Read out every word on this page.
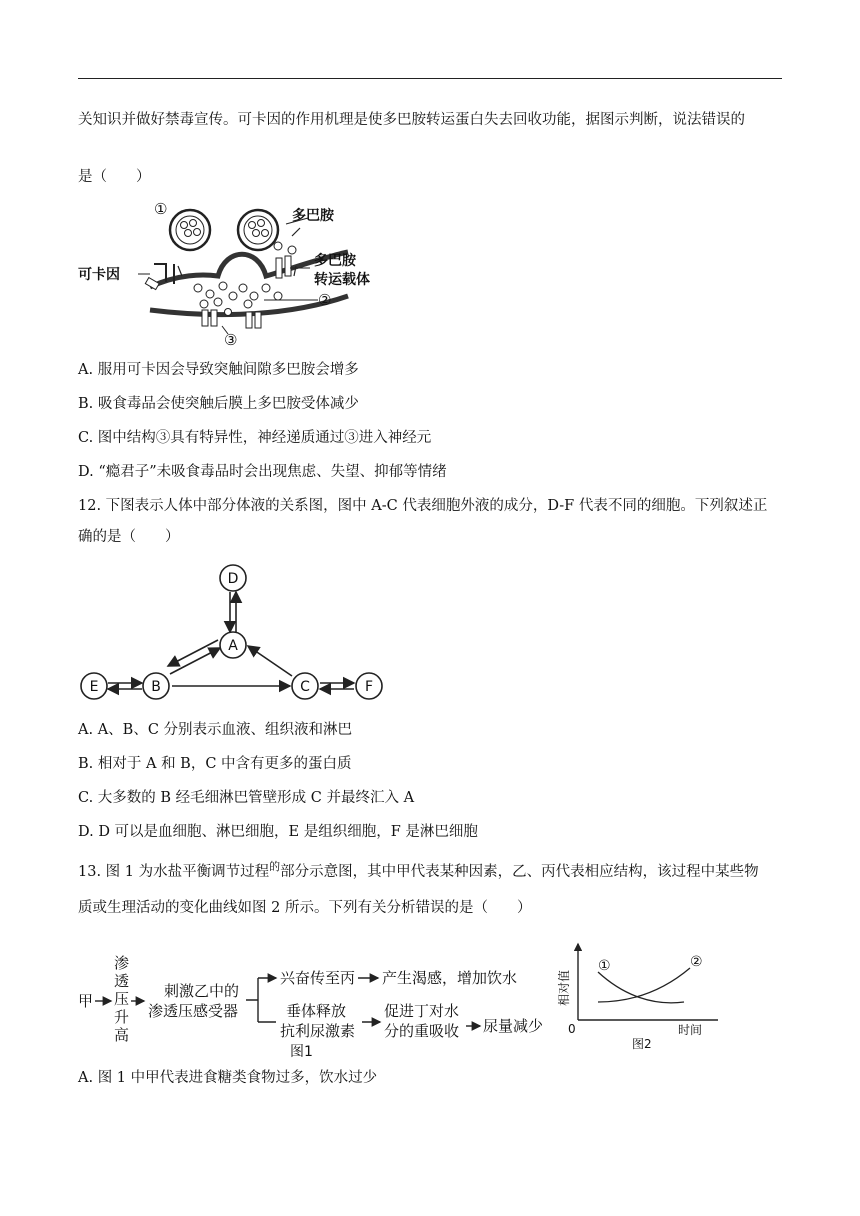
关知识并做好禁毒宣传。可卡因的作用机理是使多巴胺转运蛋白失去回收功能，据图示判断，说法错误的
是（　　）
①
②
③
多巴胺
多巴胺
转运载体
可卡因
A. 服用可卡因会导致突触间隙多巴胺会增多
B. 吸食毒品会使突触后膜上多巴胺受体减少
C. 图中结构③具有特异性，神经递质通过③进入神经元
D. “瘾君子”未吸食毒品时会出现焦虑、失望、抑郁等情绪
12. 下图表示人体中部分体液的关系图，图中 A-C 代表细胞外液的成分，D-F 代表不同的细胞。下列叙述正
确的是（　　）
D
A
B	C
E	F
A. A、B、C 分别表示血液、组织液和淋巴
B. 相对于 A 和 B，C 中含有更多的蛋白质
C. 大多数的 B 经毛细淋巴管壁形成 C 并最终汇入 A
D. D 可以是血细胞、淋巴细胞，E 是组织细胞，F 是淋巴细胞
13. 图 1 为水盐平衡调节过程$^的$部分示意图，其中甲代表某种因素，乙、丙代表相应结构，该过程中某些物
质或生理活动的变化曲线如图 2 所示。下列有关分析错误的是（　　）
甲
渗
透
压
升
高
刺激乙中的
渗透压感受器
兴奋传至丙 产生渴感，增加饮水
垂体释放
抗利尿激素
促进丁对水
分的重吸收 尿量减少
图1
相对值
①	②
0	时间
图2
A. 图 1 中甲代表进食糖类食物过多，饮水过少
